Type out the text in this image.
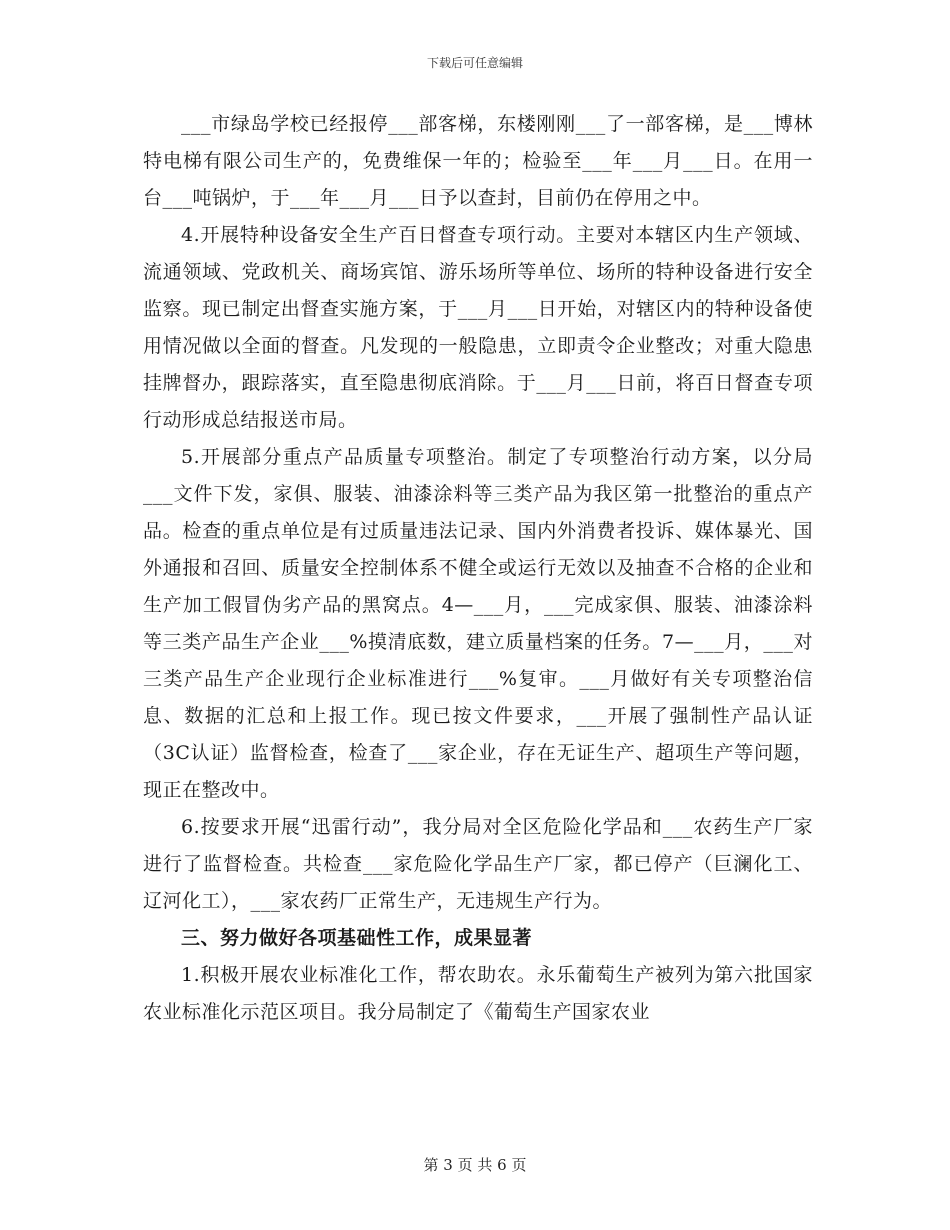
下载后可任意编辑

___市绿岛学校已经报停___部客梯，东楼刚刚___了一部客梯，是___博林特电梯有限公司生产的，免费维保一年的；检验至___年___月___日。在用一台___吨锅炉，于___年___月___日予以查封，目前仍在停用之中。

4.开展特种设备安全生产百日督查专项行动。主要对本辖区内生产领域、流通领域、党政机关、商场宾馆、游乐场所等单位、场所的特种设备进行安全监察。现已制定出督查实施方案，于___月___日开始，对辖区内的特种设备使用情况做以全面的督查。凡发现的一般隐患，立即责令企业整改；对重大隐患挂牌督办，跟踪落实，直至隐患彻底消除。于___月___日前，将百日督查专项行动形成总结报送市局。

5.开展部分重点产品质量专项整治。制定了专项整治行动方案，以分局___文件下发，家俱、服装、油漆涂料等三类产品为我区第一批整治的重点产品。检查的重点单位是有过质量违法记录、国内外消费者投诉、媒体暴光、国外通报和召回、质量安全控制体系不健全或运行无效以及抽查不合格的企业和生产加工假冒伪劣产品的黑窝点。4—___月，___完成家俱、服装、油漆涂料等三类产品生产企业___%摸清底数，建立质量档案的任务。7—___月，___对三类产品生产企业现行企业标准进行___%复审。___月做好有关专项整治信息、数据的汇总和上报工作。现已按文件要求，___开展了强制性产品认证（3C认证）监督检查，检查了___家企业，存在无证生产、超项生产等问题，现正在整改中。

6.按要求开展“迅雷行动”，我分局对全区危险化学品和___农药生产厂家进行了监督检查。共检查___家危险化学品生产厂家，都已停产（巨澜化工、辽河化工），___家农药厂正常生产，无违规生产行为。

三、努力做好各项基础性工作，成果显著

1.积极开展农业标准化工作，帮农助农。永乐葡萄生产被列为第六批国家农业标准化示范区项目。我分局制定了《葡萄生产国家农业

第 3 页 共 6 页
